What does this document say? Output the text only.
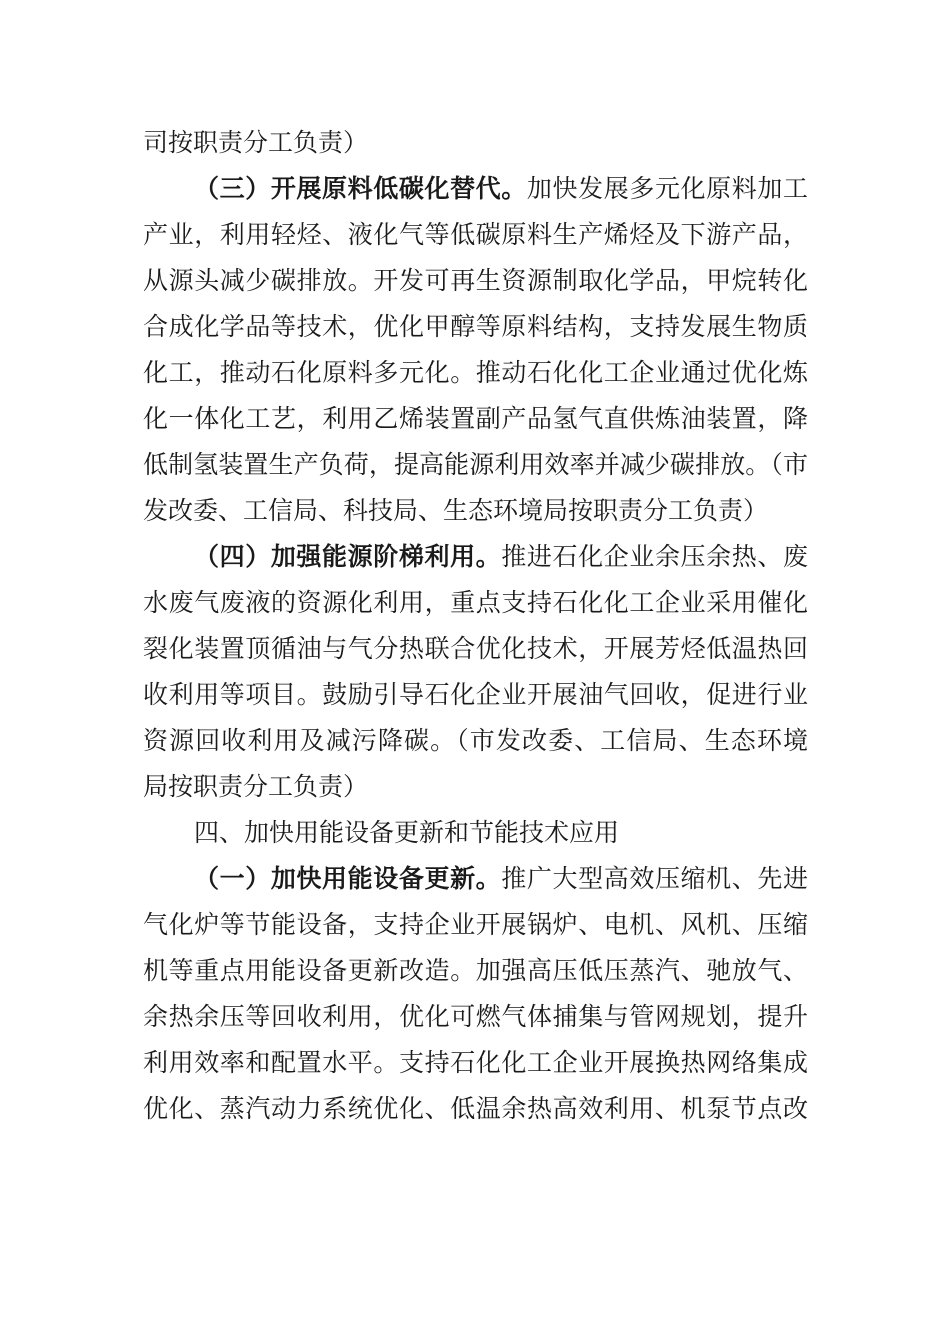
司按职责分工负责）
（三）开展原料低碳化替代。加快发展多元化原料加工
产业，利用轻烃、液化气等低碳原料生产烯烃及下游产品，
从源头减少碳排放。开发可再生资源制取化学品，甲烷转化
合成化学品等技术，优化甲醇等原料结构，支持发展生物质
化工，推动石化原料多元化。推动石化化工企业通过优化炼
化一体化工艺，利用乙烯装置副产品氢气直供炼油装置，降
低制氢装置生产负荷，提高能源利用效率并减少碳排放。（市
发改委、工信局、科技局、生态环境局按职责分工负责）
（四）加强能源阶梯利用。推进石化企业余压余热、废
水废气废液的资源化利用，重点支持石化化工企业采用催化
裂化装置顶循油与气分热联合优化技术，开展芳烃低温热回
收利用等项目。鼓励引导石化企业开展油气回收，促进行业
资源回收利用及减污降碳。（市发改委、工信局、生态环境
局按职责分工负责）
四、加快用能设备更新和节能技术应用
（一）加快用能设备更新。推广大型高效压缩机、先进
气化炉等节能设备，支持企业开展锅炉、电机、风机、压缩
机等重点用能设备更新改造。加强高压低压蒸汽、驰放气、
余热余压等回收利用，优化可燃气体捕集与管网规划，提升
利用效率和配置水平。支持石化化工企业开展换热网络集成
优化、蒸汽动力系统优化、低温余热高效利用、机泵节点改
